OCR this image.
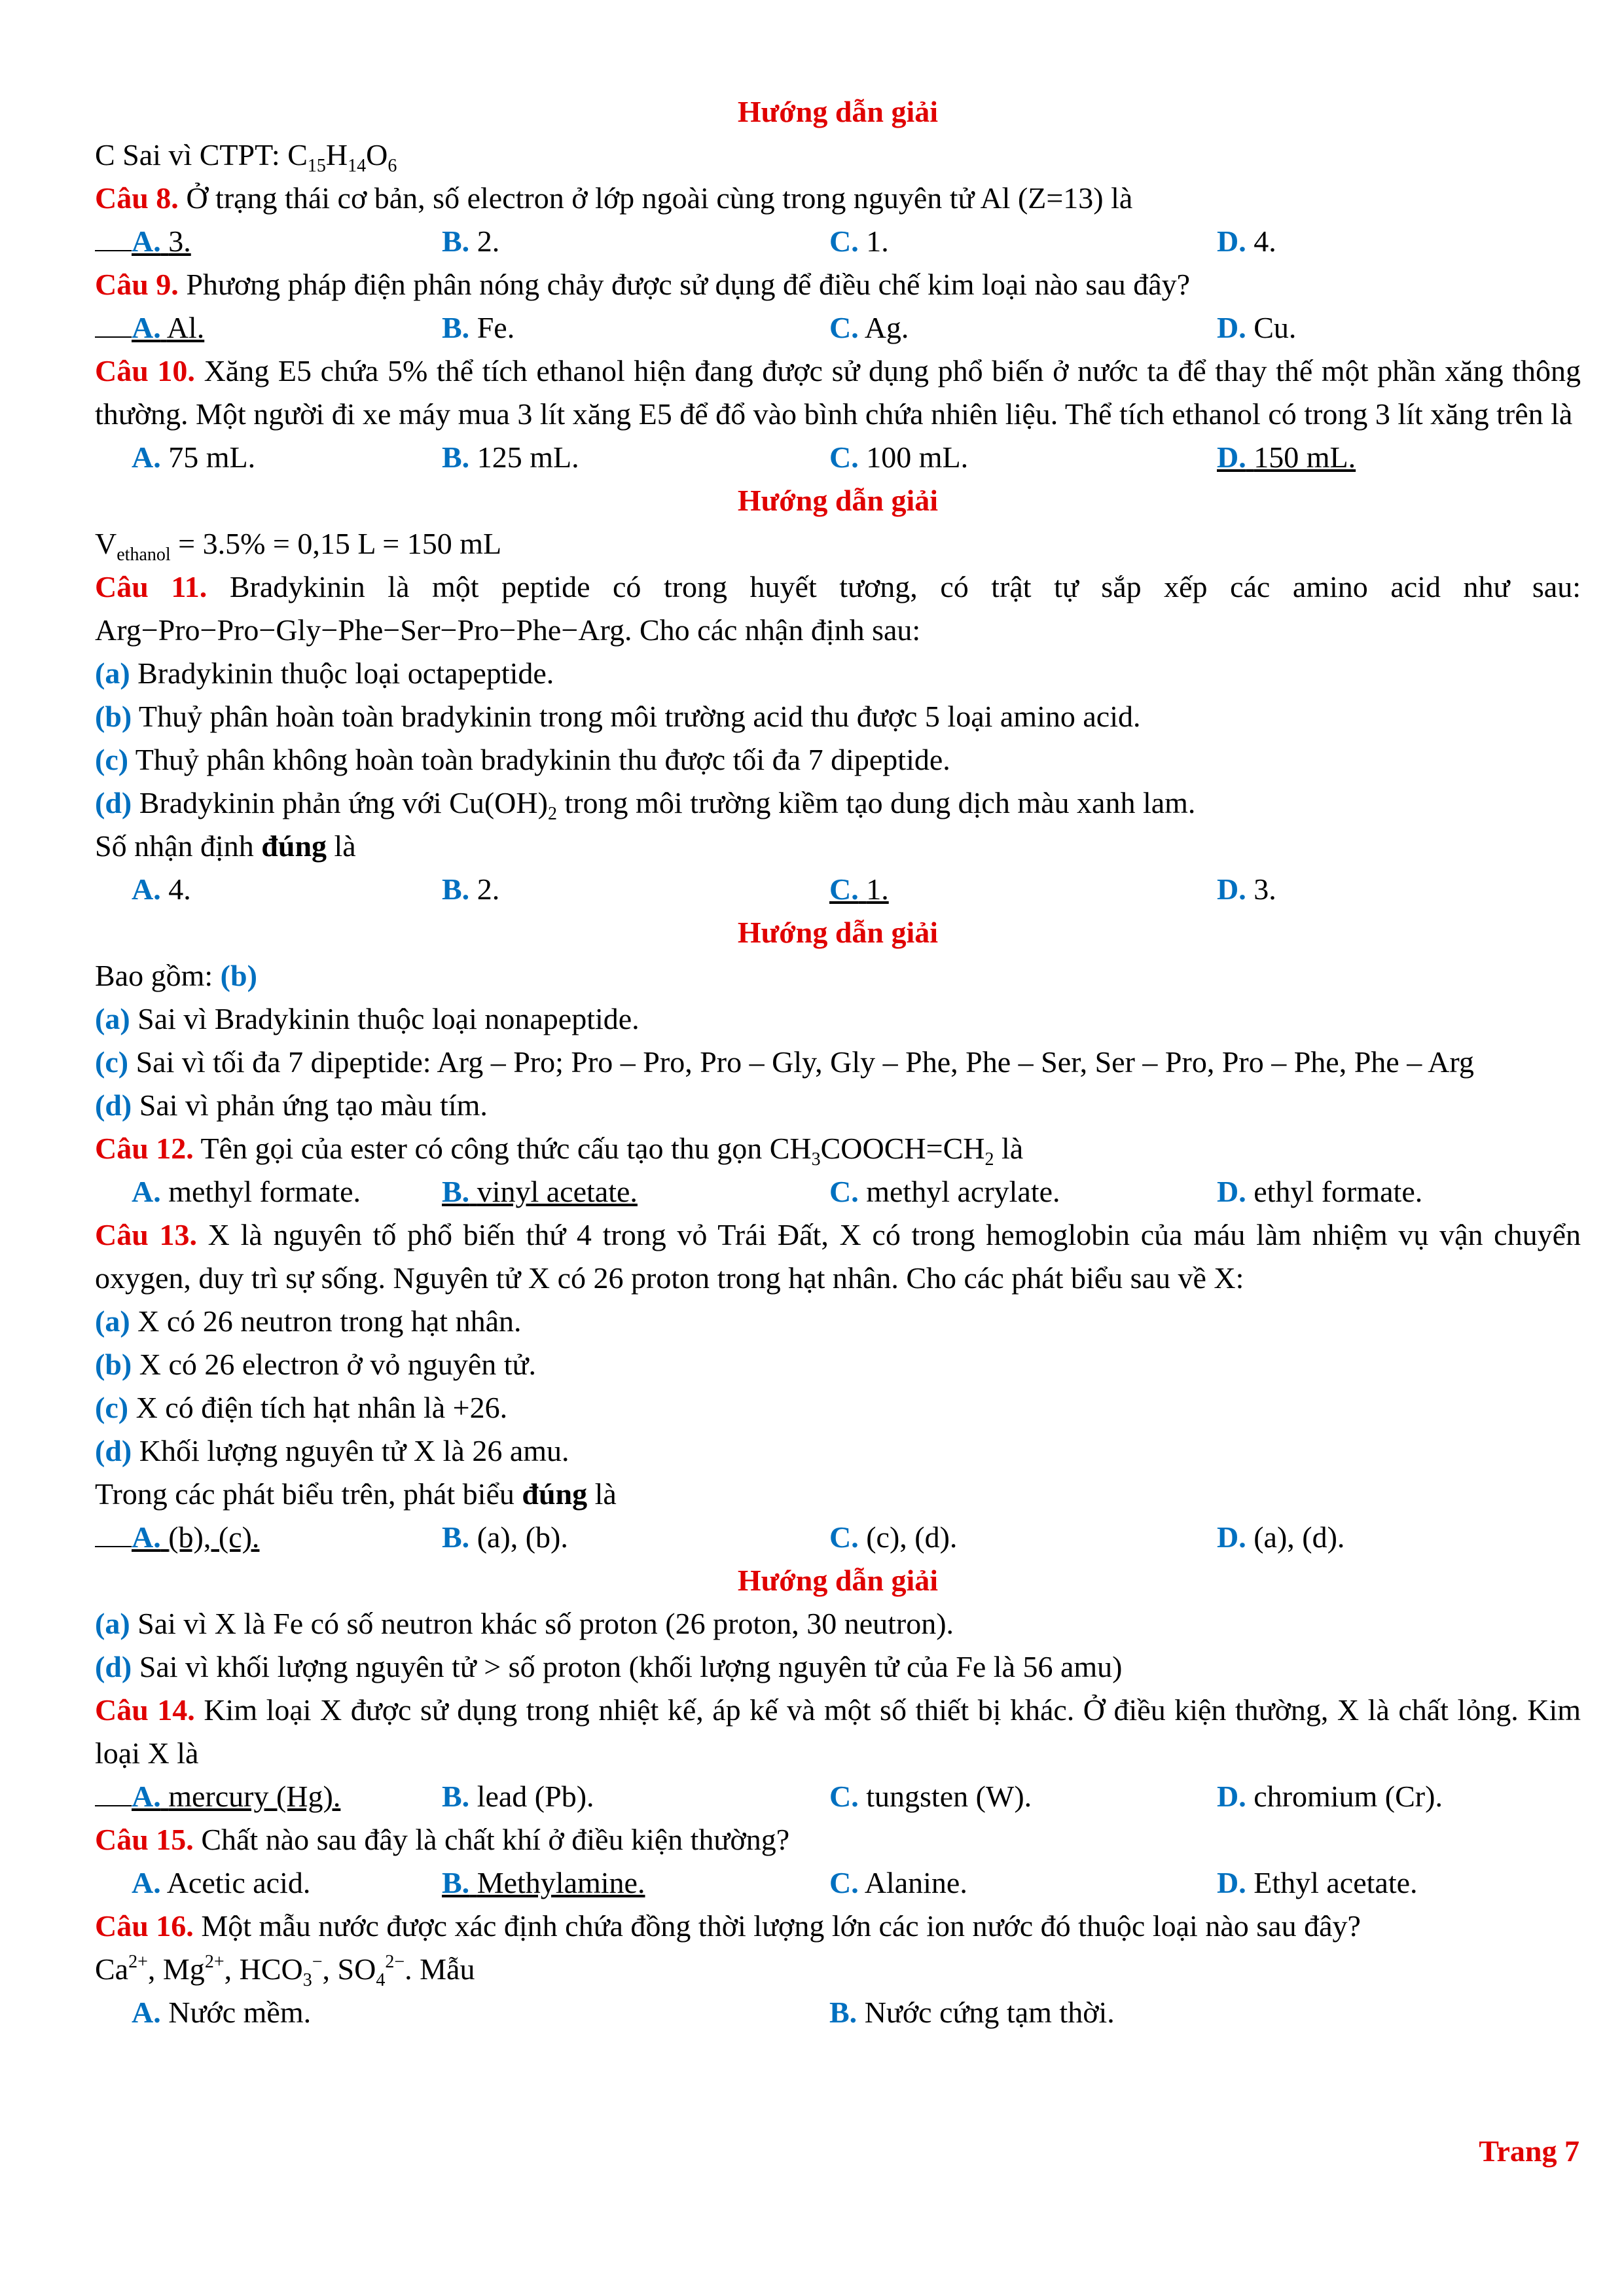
Hướng dẫn giải
C Sai vì CTPT: $C_{15}H_{14}O_6$
Câu 8. Ở trạng thái cơ bản, số electron ở lớp ngoài cùng trong nguyên tử Al (Z=13) là
A. 3.	B. 2.	C. 1.	D. 4.
Câu 9. Phương pháp điện phân nóng chảy được sử dụng để điều chế kim loại nào sau đây?
A. Al.	B. Fe.	C. Ag.	D. Cu.
Câu 10. Xăng E5 chứa 5% thể tích ethanol hiện đang được sử dụng phổ biến ở nước ta để thay thế một phần xăng thông thường. Một người đi xe máy mua 3 lít xăng E5 để đổ vào bình chứa nhiên liệu. Thể tích ethanol có trong 3 lít xăng trên là
A. 75 mL.	B. 125 mL.	C. 100 mL.	D. 150 mL.
Hướng dẫn giải
$V_{ethanol} = 3.5\% = 0,15$ L = 150 mL
Câu 11. Bradykinin là một peptide có trong huyết tương, có trật tự sắp xếp các amino acid như sau: Arg−Pro−Pro−Gly−Phe−Ser−Pro−Phe−Arg. Cho các nhận định sau:
(a) Bradykinin thuộc loại octapeptide.
(b) Thuỷ phân hoàn toàn bradykinin trong môi trường acid thu được 5 loại amino acid.
(c) Thuỷ phân không hoàn toàn bradykinin thu được tối đa 7 dipeptide.
(d) Bradykinin phản ứng với $Cu(OH)_2$ trong môi trường kiềm tạo dung dịch màu xanh lam.
Số nhận định đúng là
A. 4.	B. 2.	C. 1.	D. 3.
Hướng dẫn giải
Bao gồm: (b)
(a) Sai vì Bradykinin thuộc loại nonapeptide.
(c) Sai vì tối đa 7 dipeptide: Arg – Pro; Pro – Pro, Pro – Gly, Gly – Phe, Phe – Ser, Ser – Pro, Pro – Phe, Phe – Arg
(d) Sai vì phản ứng tạo màu tím.
Câu 12. Tên gọi của ester có công thức cấu tạo thu gọn $CH_3COOCH=CH_2$ là
A. methyl formate.	B. vinyl acetate.	C. methyl acrylate.	D. ethyl formate.
Câu 13. X là nguyên tố phổ biến thứ 4 trong vỏ Trái Đất, X có trong hemoglobin của máu làm nhiệm vụ vận chuyển oxygen, duy trì sự sống. Nguyên tử X có 26 proton trong hạt nhân. Cho các phát biểu sau về X:
(a) X có 26 neutron trong hạt nhân.
(b) X có 26 electron ở vỏ nguyên tử.
(c) X có điện tích hạt nhân là +26.
(d) Khối lượng nguyên tử X là 26 amu.
Trong các phát biểu trên, phát biểu đúng là
A. (b), (c).	B. (a), (b).	C. (c), (d).	D. (a), (d).
Hướng dẫn giải
(a) Sai vì X là Fe có số neutron khác số proton (26 proton, 30 neutron).
(d) Sai vì khối lượng nguyên tử > số proton (khối lượng nguyên tử của Fe là 56 amu)
Câu 14. Kim loại X được sử dụng trong nhiệt kế, áp kế và một số thiết bị khác. Ở điều kiện thường, X là chất lỏng. Kim loại X là
A. mercury (Hg).	B. lead (Pb).	C. tungsten (W).	D. chromium (Cr).
Câu 15. Chất nào sau đây là chất khí ở điều kiện thường?
A. Acetic acid.	B. Methylamine.	C. Alanine.	D. Ethyl acetate.
Câu 16. Một mẫu nước được xác định chứa đồng thời lượng lớn các ion nước đó thuộc loại nào sau đây?
$Ca^{2+}$, $Mg^{2+}$, $HCO_3^-$, $SO_4^{2-}$. Mẫu
A. Nước mềm.	B. Nước cứng tạm thời.
Trang 7
